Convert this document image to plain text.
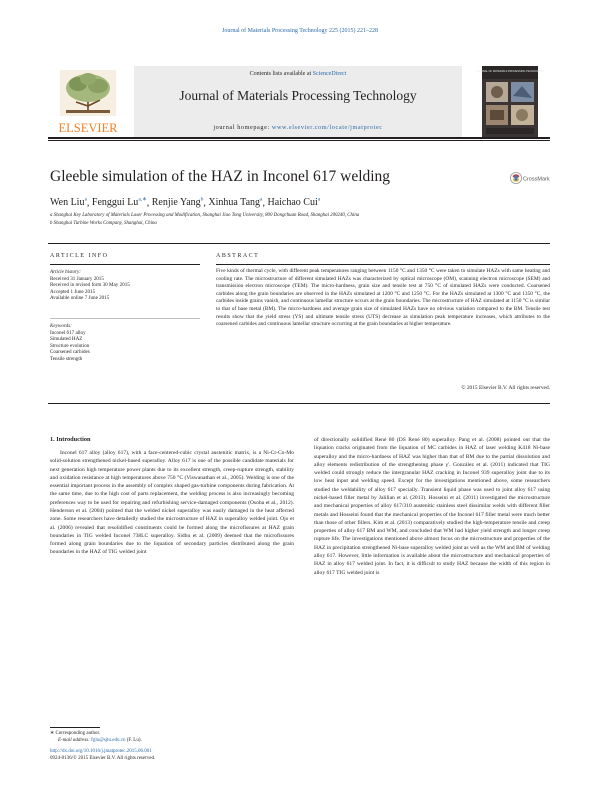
Journal of Materials Processing Technology 225 (2015) 221–228
ELSEVIER
Contents lists available at ScienceDirect
Journal of Materials Processing Technology
journal homepage: www.elsevier.com/locate/jmatprotec
JOURNAL OF MATERIALS PROCESSING TECHNOLOGY
Gleeble simulation of the HAZ in Inconel 617 welding	CrossMark
Wen Liu$^a$, Fenggui $Lu^{a,∗}$, Renjie Yang$^b$, Xinhua Tang$^a$, Haichao Cui$^a$
a Shanghai Key Laboratory of Materials Laser Processing and Modification, Shanghai Jiao Tong University, 800 Dongchuan Road, Shanghai 200240, China
b Shanghai Turbine Works Company, Shanghai, China
ARTICLE INFO
Article history:
Received 31 January 2015
Received in revised form 30 May 2015
Accepted 1 June 2015
Available online 7 June 2015
Keywords:
Inconel 617 alloy
Simulated HAZ
Structure evolution
Coarsened carbides
Tensile strength
ABSTRACT
Five kinds of thermal cycle, with different peak temperatures ranging between 1150 °C and 1350 °C were taken to simulate HAZs with same heating and cooling rate. The microstructure of different simulated HAZs was characterized by optical microscope (OM), scanning electron microscope (SEM) and transmission electron microscope (TEM). The micro-hardness, grain size and tensile test at 750 °C of simulated HAZs were conducted. Coarsened carbides along the grain boundaries are observed in the HAZs simulated at 1200 °C and 1250 °C. For the HAZs simulated at 1300 °C and 1350 °C, the carbides inside grains vanish, and continuous lamellar structure occurs at the grain boundaries. The microstructure of HAZ simulated at 1150 °C is similar to that of base metal (BM). The micro-hardness and average grain size of simulated HAZs have no obvious variation compared to the BM. Tensile test results show that the yield stress (YS) and ultimate tensile stress (UTS) decrease as simulation peak temperature increases, which attributes to the coarsened carbides and continuous lamellar structure occurring at the grain boundaries at higher temperature.
© 2015 Elsevier B.V. All rights reserved.
1. Introduction

Inconel 617 alloy (alloy 617), with a face-centered-cubic crystal austenitic matrix, is a Ni-Cr-Co-Mo solid-solution strengthened nickel-based superalloy. Alloy 617 is one of the possible candidate materials for next generation high temperature power plants due to its excellent strength, creep-rupture strength, stability and oxidation resistance at high temperatures above 750 °C (Viswanathan et al., 2005). Welding is one of the essential important process in the assembly of complex shaped gas-turbine components during fabrication. At the same time, due to the high cost of parts replacement, the welding process is also increasingly becoming preferences way to be used for repairing and refurbishing service-damaged components (Osoba et al., 2012). Henderson et al. (2004) pointed that the welded nickel superalloy was easily damaged in the heat affected zone. Some researchers have detailedly studied the microstructure of HAZ in superalloy welded joint. Ojo et al. (2006) revealed that resolidified constituents could be formed along the microfissures at HAZ grain boundaries in TIG welded Inconel 738LC superalloy. Sidhu et al. (2009) deemed that the microfissures formed along grain boundaries due to the liquation of secondary particles distributed along the grain boundaries in the HAZ of TIG welded joint

of directionally solidified René 80 (DS René 80) superalloy. Pang et al. (2008) pointed out that the liquation cracks originated from the liquation of MC carbides in HAZ of laser welding K418 Ni-base superalloy and the micro-hardness of HAZ was higher than that of BM due to the partial dissolution and alloy elements redistribution of the strengthening phase γ′. González et al. (2011) indicated that TIG welded could strongly reduce the intergranular HAZ cracking in Inconel 939 superalloy joint due to its low heat input and welding speed. Except for the investigations mentioned above, some researchers studied the weldability of alloy 617 specially. Transient liquid phase was used to joint alloy 617 using nickel-based filler metal by Jalilian et al. (2013). Hosseini et al. (2011) investigated the microstructure and mechanical properties of alloy 617/310 austenitic stainless steel dissimilar welds with different filler metals and Hosseini found that the mechanical properties of the Inconel 617 filler metal were much better than those of other fillers. Kim et al. (2013) comparatively studied the high-temperature tensile and creep properties of alloy 617 BM and WM, and concluded that WM had higher yield strength and longer creep rupture life. The investigations mentioned above almost focus on the microstructure and properties of the HAZ in precipitation strengthened Ni-base superalloy welded joint as well as the WM and BM of welding alloy 617. However, little information is available about the microstructure and mechanical properties of HAZ in alloy 617 welded joint. In fact, it is difficult to study HAZ because the width of this region in alloy 617 TIG welded joint is

∗ Corresponding author.
E-mail address: fglu@sjtu.edu.cn (F. Lu).
http://dx.doi.org/10.1016/j.jmatprotec.2015.06.001
0924-0136/© 2015 Elsevier B.V. All rights reserved.
